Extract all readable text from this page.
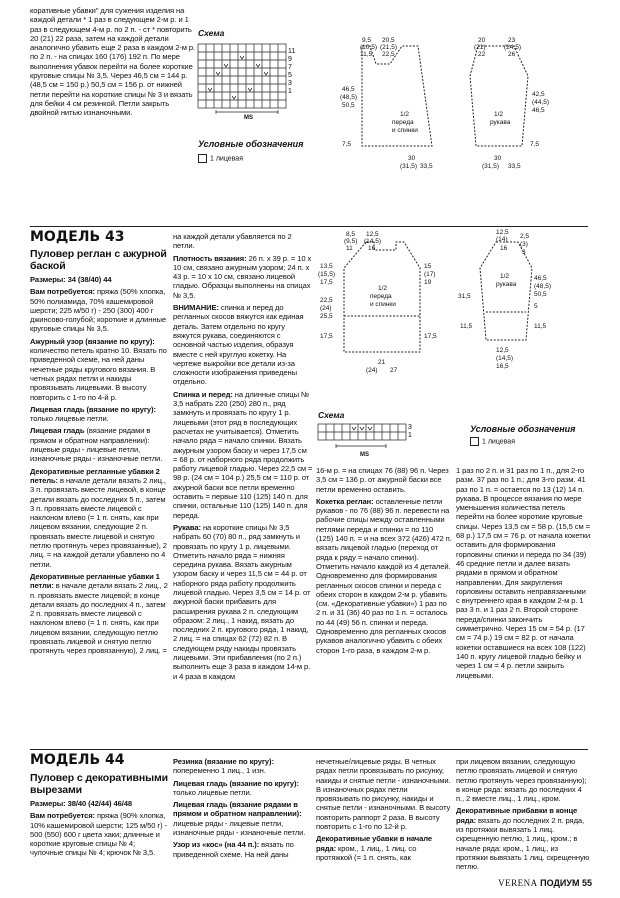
коративные убавки" для сужения изделия на каждой детали * 1 раз в следующем 2-м р. и 1 раз в следующем 4-м р. по 2 п. - ст * повторить 20 (21) 22 раза, затем на каждой детали аналогично убавить еще 2 раза в каждом 2-м р. по 2 п. - на спицах 160 (176) 192 п. По мере выполнения убавок перейти на более короткие круговые спицы № 3,5. Через 46,5 см = 144 р. (48,5 см = 150 р.) 50,5 см = 156 р. от нижней петли перейти на короткие спицы № 3 и вязать для бейки 4 см резинкой. Петли закрыть двойной нитью изнаночными.

Схема
11
9
7
5
3
1
MS
Условные обозначения
1 лицевая
9,5 20,5
(10,5) (21,5)
11,5 22,5
46,5
(48,5)
50,5
1/2
переда
и спинки
30
(31,5) 33,5
7,5
20	23
(21)	(24,5)
22	26
42,5
(44,5)
46,5
1/2
рукава
7,5
30
(31,5) 33,5
МОДЕЛЬ 43

Пуловер реглан с ажурной баской

Размеры: 34 (38/40) 44

Вам потребуется: пряжа (50% хлопка, 50% полиамида, 70% кашемировой шерсти; 225 м/50 г) - 250 (300) 400 г джинсово-голубой; короткие и длинные круговые спицы № 3,5.

Ажурный узор (вязание по кругу): количество петель кратно 10. Вязать по приведенной схеме, на ней даны нечетные ряды кругового вязания. В четных рядах петли и накиды провязывать лицевыми. В высоту повторить с 1-го по 4-й р.

Лицевая гладь (вязание по кругу): только лицевые петли.

Лицевая гладь (вязание рядами в прямом и обратном направлении): лицевые ряды - лицевые петли, изнаночные ряды - изнаночные петли.

Декоративные регланные убавки 2 петель: в начале детали вязать 2 лиц., 3 п. провязать вместе лицевой, в конце детали вязать до последних 5 п., затем 3 п. провязать вместе лицевой с наклоном влево (= 1 п. снять, как при лицевом вязании, следующие 2 п. провязать вместе лицевой и снятую петлю протянуть через провязанные), 2 лиц. = на каждой детали убавлено по 4 петли.

Декоративные регланные убавки 1 петли: в начале детали вязать 2 лиц., 2 п. провязать вместе лицевой; в конце детали вязать до последних 4 п., затем 2 п. провязать вместе лицевой с наклоном влево (= 1 п. снять, как при лицевом вязании, следующую петлю провязать лицевой и снятую петлю протянуть через провязанную), 2 лиц. =

на каждой детали убавляется по 2 петли.

Плотность вязания: 26 п. х 39 р. = 10 х 10 см, связано ажурным узором; 24 п. х 43 р. = 10 х 10 см, связано лицевой гладью. Образцы выполнены на спицах № 3,5.

ВНИМАНИЕ: спинка и перед до регланных скосов вяжутся как единая деталь. Затем отдельно по кругу вяжутся рукава, соединяются с основной частью изделия, образуя вместе с ней круглую кокетку. На чертеже выкройки все детали из-за сложности изображения приведены отдельно.

Спинка и перед: на длинные спицы № 3,5 набрать 220 (250) 280 п., ряд замкнуть и провязать по кругу 1 р. лицевыми (этот ряд в последующих расчетах не учитывается). Отметить начало ряда = начало спинки. Вязать ажурным узором баску и через 17,5 см = 68 р. от наборного ряда продолжить работу лицевой гладью. Через 22,5 см = 98 р. (24 см = 104 р.) 25,5 см = 110 р. от ажурной баски все петли временно оставить = первые 110 (125) 140 п. для спинки, остальные 110 (125) 140 п. для переда.

Рукава: на короткие спицы № 3,5 набрать 60 (70) 80 п., ряд замкнуть и провязать по кругу 1 р. лицевыми. Отметить начало ряда = нижняя середина рукава. Вязать ажурным узором баску и через 11,5 см = 44 р. от наборного ряда работу продолжить лицевой гладью. Через 3,5 см = 14 р. от ажурной баски прибавить для расширения рукава 2 п. следующим образом: 2 лиц., 1 накид, вязать до последних 2 п. кругового ряда, 1 накид, 2 лиц. = на спицах 62 (72) 82 п. В следующем ряду накиды провязать лицевыми. Эти прибавления (по 2 п.) выполнить еще 3 раза в каждом 14-м р. и 4 раза в каждом

8,5 12,5
(9,5) (14,5)
11 16
13,5
(15,5)
17,5
15
(17)
19
22,5
(24)
25,5
1/2
переда
и спинки
17,5	17,5
21
(24) 27
12,5
(14) 2,5
(3)
16
3
46,5
(48,5)
50,5
1/2
рукава
31,5
5
11,5	11,5
12,5
(14,5)
16,5
Схема
3
1
MS
Условные обозначения
1 лицевая

16-м р. = на спицах 76 (88) 96 п. Через 3,5 см = 136 р. от ажурной баски все петли временно оставить.

Кокетка реглан: оставленные петли рукавов - по 76 (88) 96 п. перевести на рабочие спицы между оставленными петлями переда и спинки = по 110 (125) 140 п. = и на всех 372 (426) 472 п. вязать лицевой гладью (переход от ряда к ряду = начало спинки). Отметить начало каждой из 4 деталей. Одновременно для формирования регланных скосов спинки и переда с обеих сторон в каждом 2-м р. убавить (см. «Декоративные убавки») 1 раз по 2 п. и 31 (36) 40 раз по 1 п. = осталось по 44 (49) 56 п. спинки и переда. Одновременно для регланных скосов рукавов аналогично убавить с обеих сторон 1-го раза, в каждом 2-м р.

1 раз по 2 п. и 31 раз по 1 п., для 2-го разм. 37 раз по 1 п.; для 3-го разм. 41 раз по 1 п. = остается по 13 (12) 14 п. рукава. В процессе вязания по мере уменьшения количества петель перейти на более короткие круговые спицы. Через 13,5 см = 58 р. (15,5 см = 68 р.) 17,5 см = 76 р. от начала кокетки оставить для формирования горловины спинки и переда по 34 (39) 46 средние петли и далее вязать рядами в прямом и обратном направлении. Для закругления горловины оставить неправязанными с внутреннего края в каждом 2-м р. 1 раз 3 п. и 1 раз 2 п. Второй стороне переда/спинки закончить симметрично. Через 15 см = 54 р. (17 см = 74 р.) 19 см = 82 р. от начала кокетки оставшиеся на всех 108 (122) 140 п. кругу лицевой гладью бейку и через 1 см = 4 р. петли закрыть лицевыми.

МОДЕЛЬ 44

Пуловер с декоративными вырезами

Размеры: 38/40 (42/44) 46/48

Вам потребуется: пряжа (90% хлопка, 10% кашемировой шерсти; 125 м/50 г) - 500 (550) 600 г цвета хаки; длинные и короткие круговые спицы № 4; чулочные спицы № 4; крючок № 3,5.

Резинка (вязание по кругу): попеременно 1 лиц., 1 изн.

Лицевая гладь (вязание по кругу): только лицевые петли.

Лицевая гладь (вязание рядами в прямом и обратном направлении): лицевые ряды - лицевые петли, изнаночные ряды - изнаночные петли.

Узор из «кос» (на 44 п.): вязать по приведенной схеме. На ней даны

нечетные/лицевые ряды. В четных рядах петли провязывать по рисунку, накиды и снятые петли - изнаночными. В изнаночных рядах петли провязывать по рисунку, накиды и снятые петли - изнаночными. В высоту повторить раппорт 2 раза. В высоту повторить с 1-го по 12-й р.

Декоративные убавки в начале ряда: кром., 1 лиц., 1 лиц. со протяжкой (= 1 п. снять, как

при лицевом вязании, следующую петлю провязать лицевой и снятую петлю протянуть через провязанную); в конце ряда: вязать до последних 4 п., 2 вместе лиц., 1 лиц., кром.

Декоративные прибавки в конце ряда: вязать до последних 2 п. ряда, из протяжки вывязать 1 лиц. скрещенную петлю, 1 лиц., кром.; в начале ряда: кром., 1 лиц., из протяжки вывязать 1 лиц. скрещенную петлю.

VERENA ПОДИУМ 55
